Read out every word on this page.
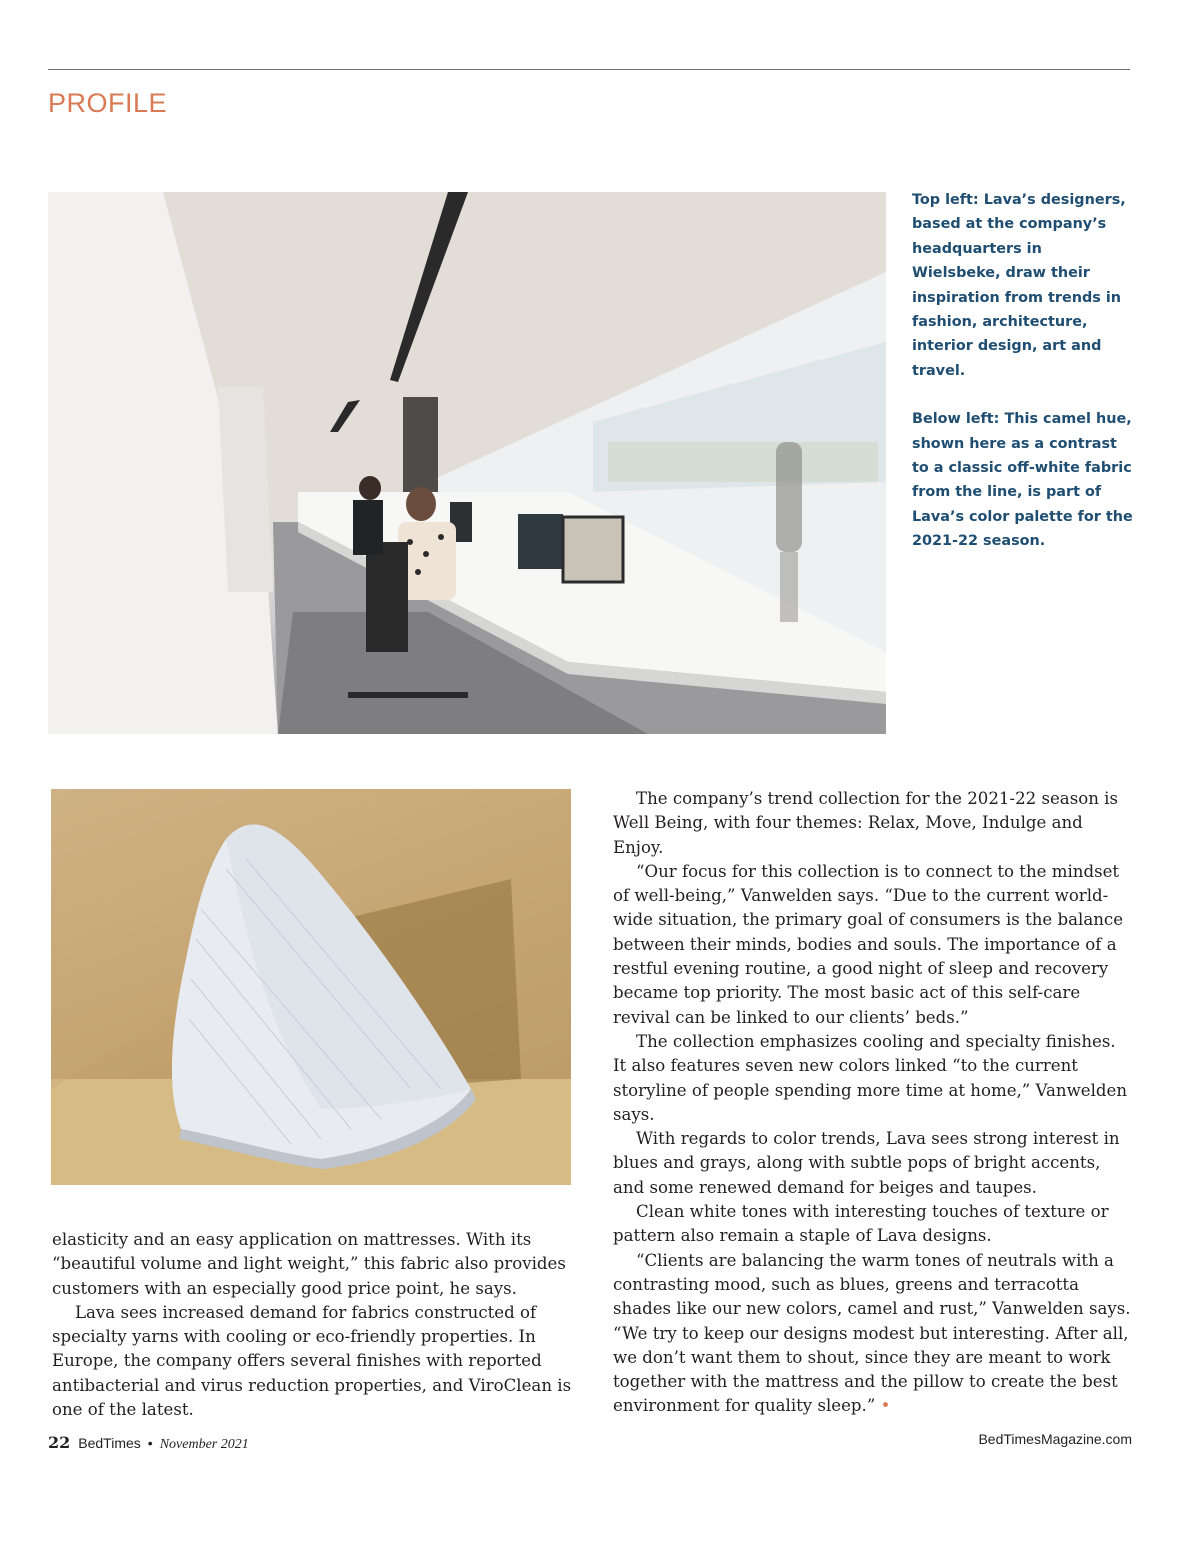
PROFILE

Top left: Lava’s designers, based at the company’s headquarters in Wielsbeke, draw their inspiration from trends in fashion, architecture, interior design, art and travel.

Below left: This camel hue, shown here as a contrast to a classic off-white fabric from the line, is part of Lava’s color palette for the 2021-22 season.

elasticity and an easy application on mattresses. With its “beautiful volume and light weight,” this fabric also provides customers with an especially good price point, he says.

Lava sees increased demand for fabrics constructed of specialty yarns with cooling or eco-friendly properties. In Europe, the company offers several finishes with reported antibacterial and virus reduction properties, and ViroClean is one of the latest.

The company’s trend collection for the 2021-22 season is Well Being, with four themes: Relax, Move, Indulge and Enjoy.

“Our focus for this collection is to connect to the mindset of well-being,” Vanwelden says. “Due to the current world-wide situation, the primary goal of consumers is the balance between their minds, bodies and souls. The importance of a restful evening routine, a good night of sleep and recovery became top priority. The most basic act of this self-care revival can be linked to our clients’ beds.”

The collection emphasizes cooling and specialty finishes. It also features seven new colors linked “to the current storyline of people spending more time at home,” Vanwelden says.

With regards to color trends, Lava sees strong interest in blues and grays, along with subtle pops of bright accents, and some renewed demand for beiges and taupes.

Clean white tones with interesting touches of texture or pattern also remain a staple of Lava designs.

“Clients are balancing the warm tones of neutrals with a contrasting mood, such as blues, greens and terracotta shades like our new colors, camel and rust,” Vanwelden says. “We try to keep our designs modest but interesting. After all, we don’t want them to shout, since they are meant to work together with the mattress and the pillow to create the best environment for quality sleep.” •

22 BedTimes • November 2021	BedTimesMagazine.com
